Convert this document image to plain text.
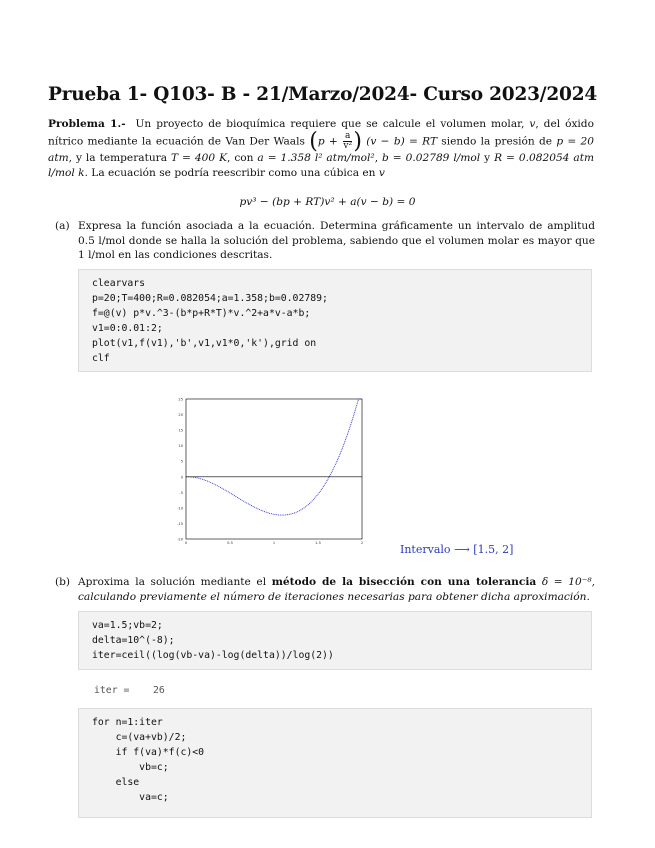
Prueba 1- Q103- B - 21/Marzo/2024- Curso 2023/2024
Problema 1.- Un proyecto de bioquímica requiere que se calcule el volumen molar, v, del óxido nítrico mediante la ecuación de Van Der Waals ($p + \frac{a}{\text{v²}}$ ) (v − b) = RT siendo la presión de p = 20 atm, y la temperatura T = 400 K, con a = 1.358 l² atm/mol², b = 0.02789 l/mol y R = 0.082054 atm l/mol k. La ecuación se podría reescribir como una cúbica en v
pv³ − (bp + RT)v² + a(v − b) = 0
(a) Expresa la función asociada a la ecuación. Determina gráficamente un intervalo de amplitud 0.5 l/mol donde se halla la solución del problema, sabiendo que el volumen molar es mayor que 1 l/mol en las condiciones descritas.
clearvars
p=20;T=400;R=0.082054;a=1.358;b=0.02789;
f=@(v) p*v.^3-(b*p+R*T)*v.^2+a*v-a*b;
v1=0:0.01:2;
plot(v1,f(v1),'b',v1,v1*0,'k'),grid on
clf
25
20
15
10
5
0
-5
-10
-15
-20
0	0.5	1	1.5	2	Intervalo ⟶ [1.5, 2]
(b) Aproxima la solución mediante el método de la bisección con una tolerancia δ = 10⁻⁸, calculando previamente el número de iteraciones necesarias para obtener dicha aproximación.
va=1.5;vb=2;
delta=10^(-8);
iter=ceil((log(vb-va)-log(delta))/log(2))
iter =    26
for n=1:iter
c=(va+vb)/2;
if f(va)*f(c)<0
vb=c;
else
va=c;
